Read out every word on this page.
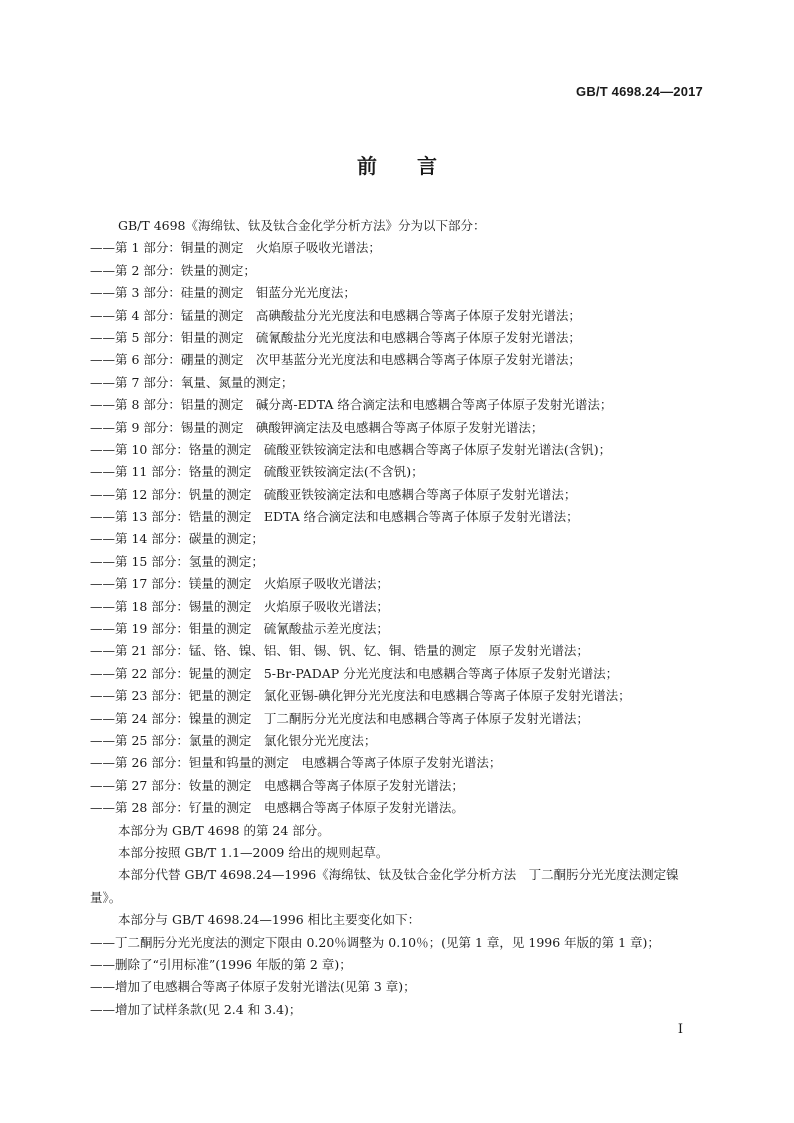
GB/T 4698.24—2017
前 言
GB/T 4698《海绵钛、钛及钛合金化学分析方法》分为以下部分：
——第 1 部分：铜量的测定　火焰原子吸收光谱法；
——第 2 部分：铁量的测定；
——第 3 部分：硅量的测定　钼蓝分光光度法；
——第 4 部分：锰量的测定　高碘酸盐分光光度法和电感耦合等离子体原子发射光谱法；
——第 5 部分：钼量的测定　硫氰酸盐分光光度法和电感耦合等离子体原子发射光谱法；
——第 6 部分：硼量的测定　次甲基蓝分光光度法和电感耦合等离子体原子发射光谱法；
——第 7 部分：氧量、氮量的测定；
——第 8 部分：铝量的测定　碱分离-EDTA 络合滴定法和电感耦合等离子体原子发射光谱法；
——第 9 部分：锡量的测定　碘酸钾滴定法及电感耦合等离子体原子发射光谱法；
——第 10 部分：铬量的测定　硫酸亚铁铵滴定法和电感耦合等离子体原子发射光谱法(含钒)；
——第 11 部分：铬量的测定　硫酸亚铁铵滴定法(不含钒)；
——第 12 部分：钒量的测定　硫酸亚铁铵滴定法和电感耦合等离子体原子发射光谱法；
——第 13 部分：锆量的测定　EDTA 络合滴定法和电感耦合等离子体原子发射光谱法；
——第 14 部分：碳量的测定；
——第 15 部分：氢量的测定；
——第 17 部分：镁量的测定　火焰原子吸收光谱法；
——第 18 部分：锡量的测定　火焰原子吸收光谱法；
——第 19 部分：钼量的测定　硫氰酸盐示差光度法；
——第 21 部分：锰、铬、镍、铝、钼、锡、钒、钇、铜、锆量的测定　原子发射光谱法；
——第 22 部分：铌量的测定　5-Br-PADAP 分光光度法和电感耦合等离子体原子发射光谱法；
——第 23 部分：钯量的测定　氯化亚锡-碘化钾分光光度法和电感耦合等离子体原子发射光谱法；
——第 24 部分：镍量的测定　丁二酮肟分光光度法和电感耦合等离子体原子发射光谱法；
——第 25 部分：氯量的测定　氯化银分光光度法；
——第 26 部分：钽量和钨量的测定　电感耦合等离子体原子发射光谱法；
——第 27 部分：钕量的测定　电感耦合等离子体原子发射光谱法；
——第 28 部分：钌量的测定　电感耦合等离子体原子发射光谱法。
本部分为 GB/T 4698 的第 24 部分。
本部分按照 GB/T 1.1—2009 给出的规则起草。
本部分代替 GB/T 4698.24—1996《海绵钛、钛及钛合金化学分析方法　丁二酮肟分光光度法测定镍量》。
本部分与 GB/T 4698.24—1996 相比主要变化如下：
——丁二酮肟分光光度法的测定下限由 0.20％调整为 0.10％；(见第 1 章，见 1996 年版的第 1 章)；
——删除了“引用标准”(1996 年版的第 2 章)；
——增加了电感耦合等离子体原子发射光谱法(见第 3 章)；
——增加了试样条款(见 2.4 和 3.4)；
I
